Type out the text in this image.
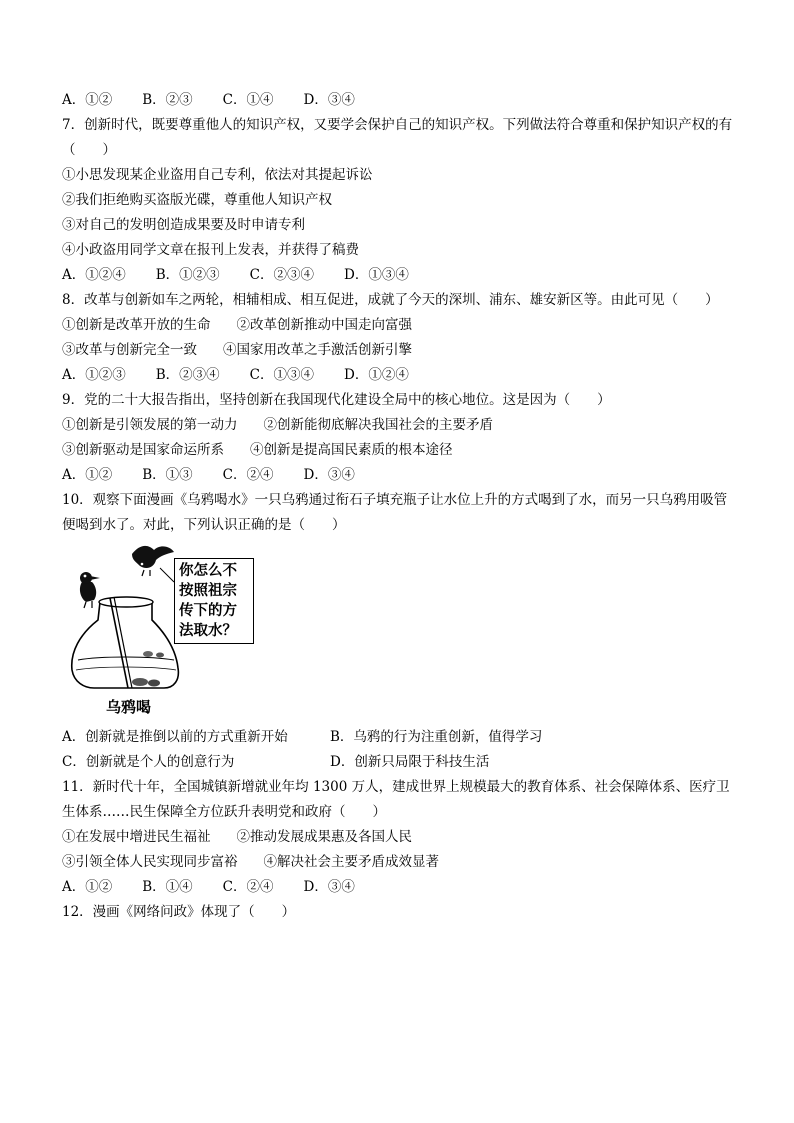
A．①② B．②③ C．①④ D．③④
7．创新时代，既要尊重他人的知识产权，又要学会保护自己的知识产权。下列做法符合尊重和保护知识产权的有（　　）
①小思发现某企业盗用自己专利，依法对其提起诉讼
②我们拒绝购买盗版光碟，尊重他人知识产权
③对自己的发明创造成果要及时申请专利
④小政盗用同学文章在报刊上发表，并获得了稿费
A．①②④ B．①②③ C．②③④ D．①③④
8．改革与创新如车之两轮，相辅相成、相互促进，成就了今天的深圳、浦东、雄安新区等。由此可见（　　）
①创新是改革开放的生命 ②改革创新推动中国走向富强
③改革与创新完全一致 ④国家用改革之手激活创新引擎
A．①②③ B．②③④ C．①③④ D．①②④
9．党的二十大报告指出，坚持创新在我国现代化建设全局中的核心地位。这是因为（　　）
①创新是引领发展的第一动力 ②创新能彻底解决我国社会的主要矛盾
③创新驱动是国家命运所系 ④创新是提高国民素质的根本途径
A．①② B．①③ C．②④ D．③④
10．观察下面漫画《乌鸦喝水》一只乌鸦通过衔石子填充瓶子让水位上升的方式喝到了水，而另一只乌鸦用吸管便喝到水了。对此，下列认识正确的是（　　）
你怎么不
按照祖宗
传下的方
法取水？
乌鸦喝
A．创新就是推倒以前的方式重新开始	B．乌鸦的行为注重创新，值得学习
C．创新就是个人的创意行为	D．创新只局限于科技生活
11．新时代十年，全国城镇新增就业年均 1300 万人，建成世界上规模最大的教育体系、社会保障体系、医疗卫生体系……民生保障全方位跃升表明党和政府（　　）
①在发展中增进民生福祉 ②推动发展成果惠及各国人民
③引领全体人民实现同步富裕 ④解决社会主要矛盾成效显著
A．①② B．①④ C．②④ D．③④
12．漫画《网络问政》体现了（　　）
